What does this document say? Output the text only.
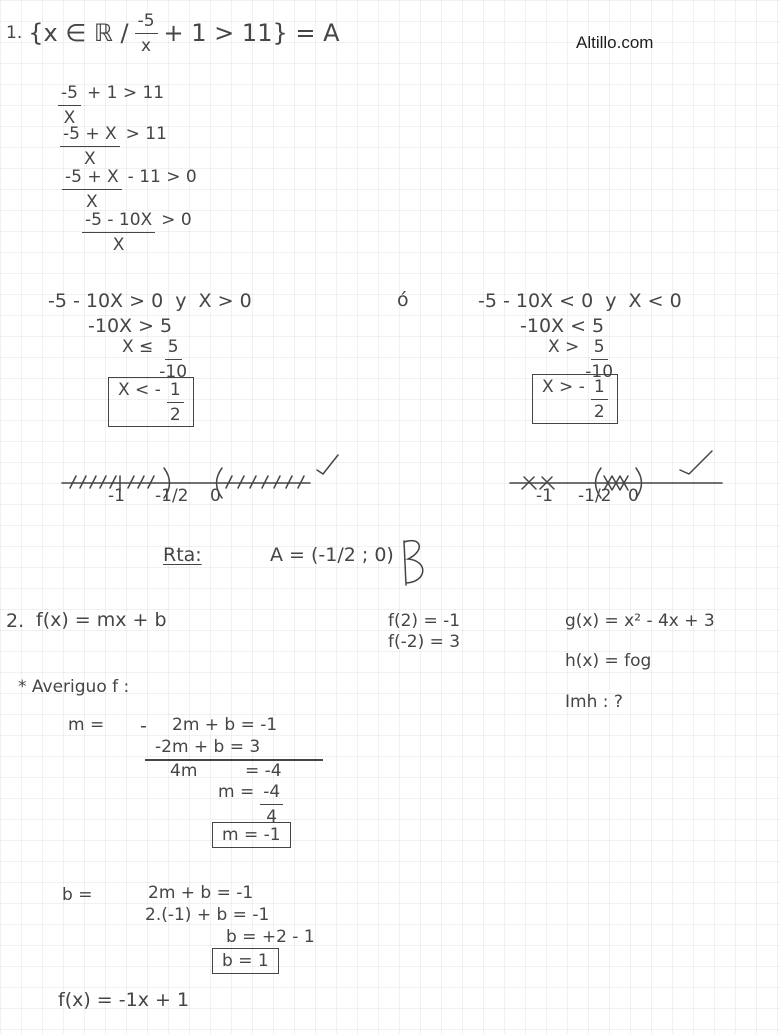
Altillo.com
1. {x ∈ ℝ / $\frac{-5}{x} + 1 > 11\} = A$
$\frac{-5}{X} + 1 > 11$
$\frac{-5 + X}{X} > 11$
$\frac{-5 + X}{X} - 11 > 0$
$\frac{-5 - 10X}{X} > 0$
-5 - 10X > 0  y  X > 0
-10X > 5
$X \le \frac{5}{-10}$
X < - $\frac{1}{2}$
ó	-5 - 10X < 0  y  X < 0
-10X < 5
$X > \frac{5}{-10}$
X > - $\frac{1}{2}$
-1 -1/2 0	-1 -1/2 0
Rta:	A = (-1/2 ; 0)
2. f(x) = mx + b	f(2) = -1
f(-2) = 3
g(x) = x² - 4x + 3
h(x) = fog
Imh : ?
* Averiguo f :
m = - 2m + b = -1
-2m + b = 3
4m	= -4
$m = \frac{-4}{4}$
m = -1
b =	2m + b = -1
2.(-1) + b = -1
b = +2 - 1
b = 1
f(x) = -1x + 1
